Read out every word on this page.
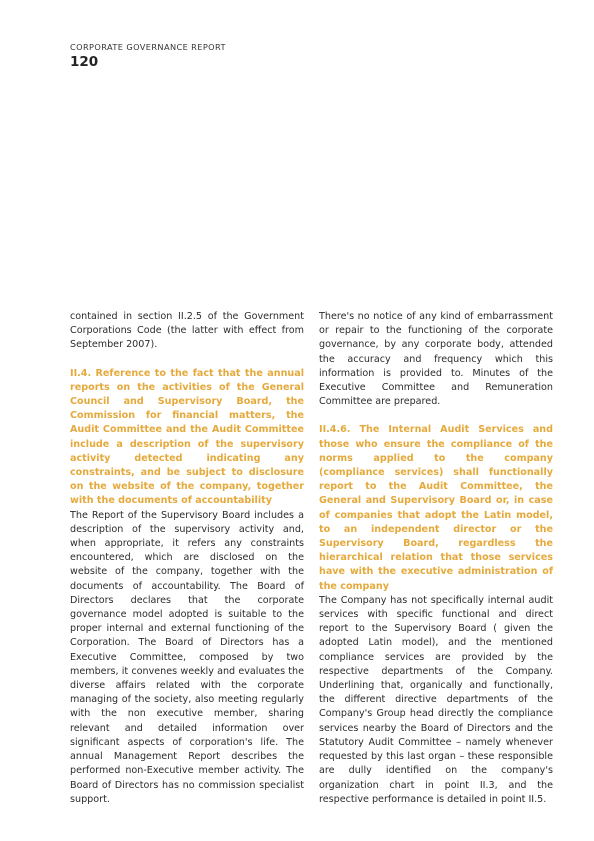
CORPORATE GOVERNANCE REPORT
120

contained in section II.2.5 of the Government Corporations Code (the latter with effect from September 2007).

II.4. Reference to the fact that the annual reports on the activities of the General Council and Supervisory Board, the Commission for financial matters, the Audit Committee and the Audit Committee include a description of the supervisory activity detected indicating any constraints, and be subject to disclosure on the website of the company, together with the documents of accountability

The Report of the Supervisory Board includes a description of the supervisory activity and, when appropriate, it refers any constraints encountered, which are disclosed on the website of the company, together with the documents of accountability. The Board of Directors declares that the corporate governance model adopted is suitable to the proper internal and external functioning of the Corporation. The Board of Directors has a Executive Committee, composed by two members, it convenes weekly and evaluates the diverse affairs related with the corporate managing of the society, also meeting regularly with the non executive member, sharing relevant and detailed information over significant aspects of corporation's life. The annual Management Report describes the performed non-Executive member activity. The Board of Directors has no commission specialist support.

There's no notice of any kind of embarrassment or repair to the functioning of the corporate governance, by any corporate body, attended the accuracy and frequency which this information is provided to. Minutes of the Executive Committee and Remuneration Committee are prepared.

II.4.6. The Internal Audit Services and those who ensure the compliance of the norms applied to the company (compliance services) shall functionally report to the Audit Committee, the General and Supervisory Board or, in case of companies that adopt the Latin model, to an independent director or the Supervisory Board, regardless the hierarchical relation that those services have with the executive administration of the company

The Company has not specifically internal audit services with specific functional and direct report to the Supervisory Board ( given the adopted Latin model), and the mentioned compliance services are provided by the respective departments of the Company. Underlining that, organically and functionally, the different directive departments of the Company's Group head directly the compliance services nearby the Board of Directors and the Statutory Audit Committee – namely whenever requested by this last organ – these responsible are dully identified on the company's organization chart in point II.3, and the respective performance is detailed in point II.5.
